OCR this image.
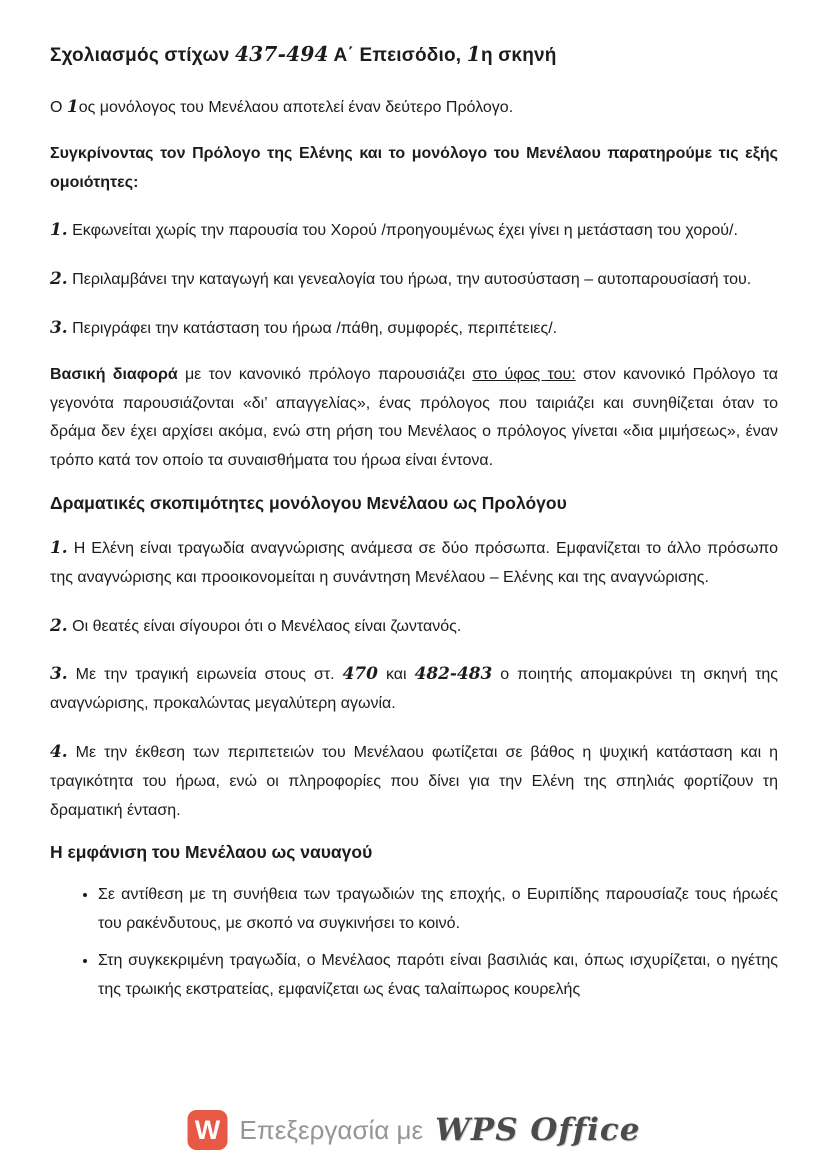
Σχολιασμός στίχων 437-494 Α΄ Επεισόδιο, 1η σκηνή

Ο 1ος μονόλογος του Μενέλαου αποτελεί έναν δεύτερο Πρόλογο.

Συγκρίνοντας τον Πρόλογο της Ελένης και το μονόλογο του Μενέλαου παρατηρούμε τις εξής ομοιότητες:

1. Εκφωνείται χωρίς την παρουσία του Χορού /προηγουμένως έχει γίνει η μετάσταση του χορού/.

2. Περιλαμβάνει την καταγωγή και γενεαλογία του ήρωα, την αυτοσύσταση – αυτοπαρουσίασή του.

3. Περιγράφει την κατάσταση του ήρωα /πάθη, συμφορές, περιπέτειες/.

Βασική διαφορά με τον κανονικό πρόλογο παρουσιάζει στο ύφος του: στον κανονικό Πρόλογο τα γεγονότα παρουσιάζονται «δι’ απαγγελίας», ένας πρόλογος που ταιριάζει και συνηθίζεται όταν το δράμα δεν έχει αρχίσει ακόμα, ενώ στη ρήση του Μενέλαος ο πρόλογος γίνεται «δια μιμήσεως», έναν τρόπο κατά τον οποίο τα συναισθήματα του ήρωα είναι έντονα.

Δραματικές σκοπιμότητες μονόλογου Μενέλαου ως Προλόγου

1. Η Ελένη είναι τραγωδία αναγνώρισης ανάμεσα σε δύο πρόσωπα. Εμφανίζεται το άλλο πρόσωπο της αναγνώρισης και προοικονομείται η συνάντηση Μενέλαου – Ελένης και της αναγνώρισης.

2. Οι θεατές είναι σίγουροι ότι ο Μενέλαος είναι ζωντανός.

3. Με την τραγική ειρωνεία στους στ. 470 και 482-483 ο ποιητής απομακρύνει τη σκηνή της αναγνώρισης, προκαλώντας μεγαλύτερη αγωνία.

4. Με την έκθεση των περιπετειών του Μενέλαου φωτίζεται σε βάθος η ψυχική κατάσταση και η τραγικότητα του ήρωα, ενώ οι πληροφορίες που δίνει για την Ελένη της σπηλιάς φορτίζουν τη δραματική ένταση.

Η εμφάνιση του Μενέλαου ως ναυαγού
• Σε αντίθεση με τη συνήθεια των τραγωδιών της εποχής, ο Ευριπίδης παρουσίαζε τους ήρωές του ρακένδυτους, με σκοπό να συγκινήσει το κοινό.
• Στη συγκεκριμένη τραγωδία, ο Μενέλαος παρότι είναι βασιλιάς και, όπως ισχυρίζεται, ο ηγέτης της τρωικής εκστρατείας, εμφανίζεται ως ένας ταλαίπωρος κουρελής
W Επεξεργασία με WPS Office
